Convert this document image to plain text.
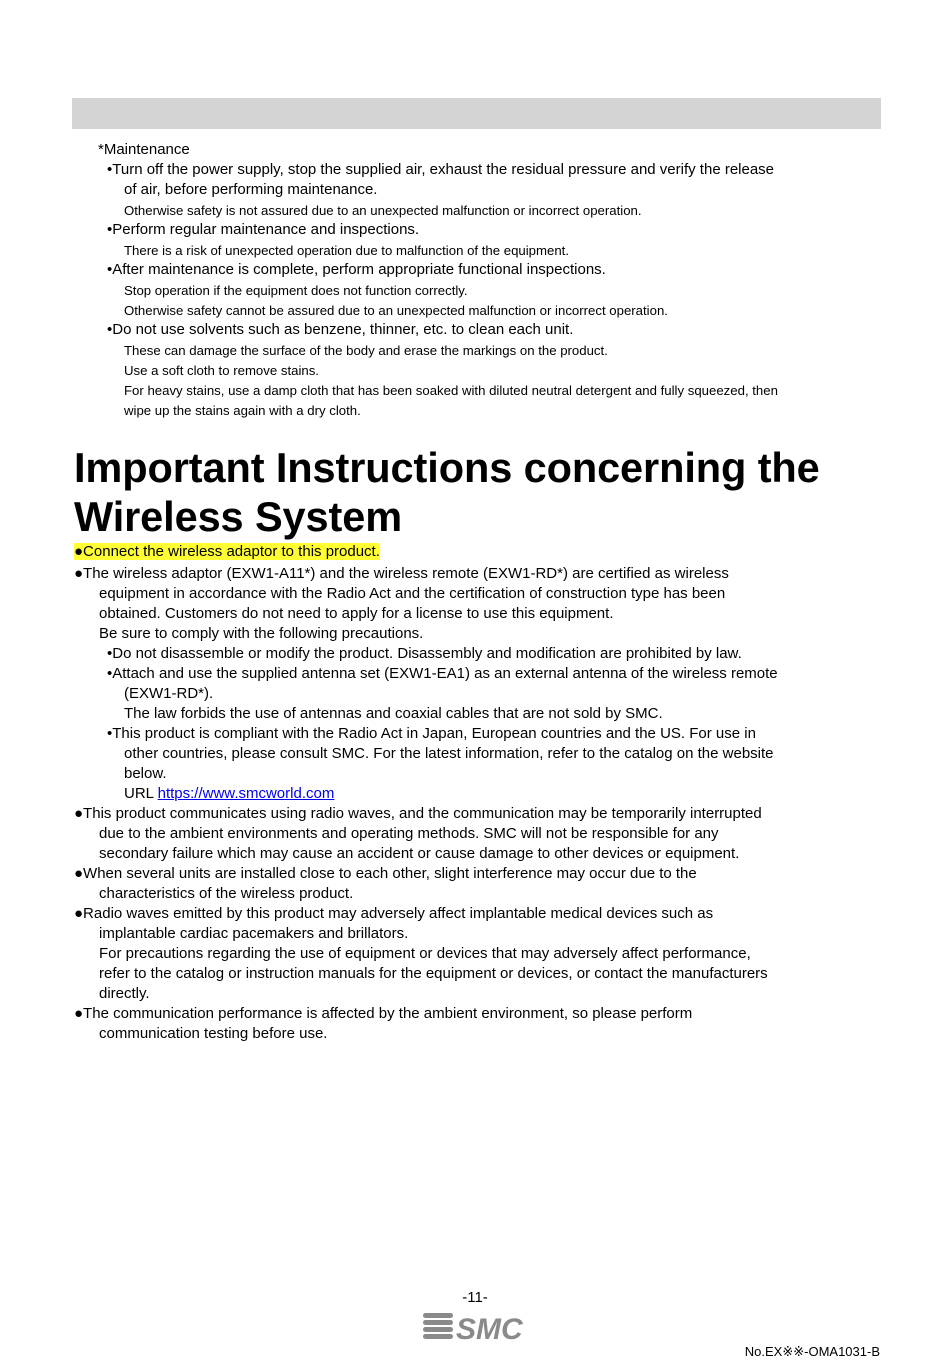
*Maintenance
•Turn off the power supply, stop the supplied air, exhaust the residual pressure and verify the release
of air, before performing maintenance.
Otherwise safety is not assured due to an unexpected malfunction or incorrect operation.
•Perform regular maintenance and inspections.
There is a risk of unexpected operation due to malfunction of the equipment.
•After maintenance is complete, perform appropriate functional inspections.
Stop operation if the equipment does not function correctly.
Otherwise safety cannot be assured due to an unexpected malfunction or incorrect operation.
•Do not use solvents such as benzene, thinner, etc. to clean each unit.
These can damage the surface of the body and erase the markings on the product.
Use a soft cloth to remove stains.
For heavy stains, use a damp cloth that has been soaked with diluted neutral detergent and fully squeezed, then
wipe up the stains again with a dry cloth.
Important Instructions concerning the
Wireless System
●Connect the wireless adaptor to this product.
●The wireless adaptor (EXW1-A11*) and the wireless remote (EXW1-RD*) are certified as wireless
equipment in accordance with the Radio Act and the certification of construction type has been
obtained. Customers do not need to apply for a license to use this equipment.
Be sure to comply with the following precautions.
•Do not disassemble or modify the product. Disassembly and modification are prohibited by law.
•Attach and use the supplied antenna set (EXW1-EA1) as an external antenna of the wireless remote
(EXW1-RD*).
The law forbids the use of antennas and coaxial cables that are not sold by SMC.
•This product is compliant with the Radio Act in Japan, European countries and the US. For use in
other countries, please consult SMC. For the latest information, refer to the catalog on the website
below.
URL https://www.smcworld.com
●This product communicates using radio waves, and the communication may be temporarily interrupted
due to the ambient environments and operating methods. SMC will not be responsible for any
secondary failure which may cause an accident or cause damage to other devices or equipment.
●When several units are installed close to each other, slight interference may occur due to the
characteristics of the wireless product.
●Radio waves emitted by this product may adversely affect implantable medical devices such as
implantable cardiac pacemakers and brillators.
For precautions regarding the use of equipment or devices that may adversely affect performance,
refer to the catalog or instruction manuals for the equipment or devices, or contact the manufacturers
directly.
●The communication performance is affected by the ambient environment, so please perform
communication testing before use.
-11-
SMC
No.EX※※-OMA1031-B
